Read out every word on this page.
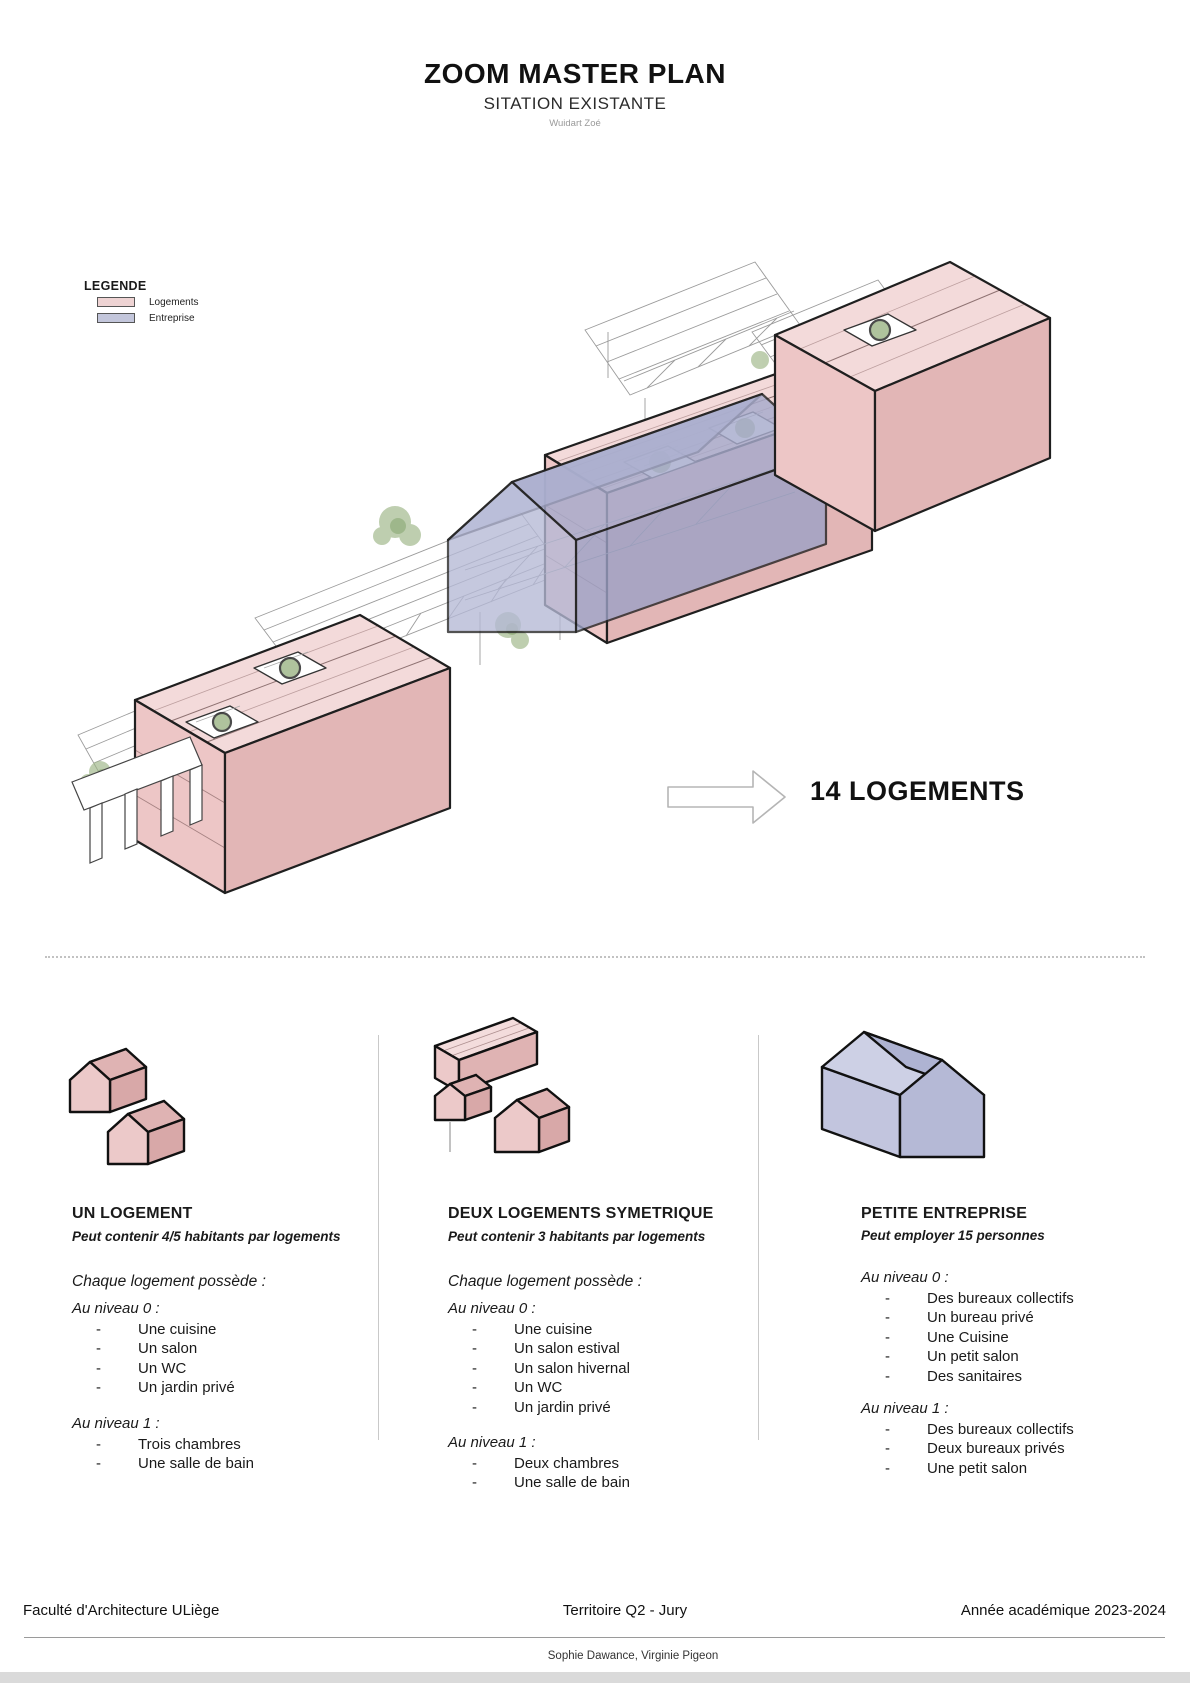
ZOOM MASTER PLAN
SITATION EXISTANTE
Wuidart Zoé
LEGENDE
Logements
Entreprise
14 LOGEMENTS
UN LOGEMENT
Peut contenir 4/5 habitants par logements
Chaque logement possède :
Au niveau 0 :
-	Une cuisine
-	Un salon
-	Un WC
-	Un jardin privé
Au niveau 1 :
-	Trois chambres
-	Une salle de bain
DEUX LOGEMENTS SYMETRIQUE
Peut contenir 3 habitants par logements
Chaque logement possède :
Au niveau 0 :
-	Une cuisine
-	Un salon estival
-	Un salon hivernal
-	Un WC
-	Un jardin privé
Au niveau 1 :
-	Deux chambres
-	Une salle de bain
PETITE ENTREPRISE
Peut employer 15 personnes
Au niveau 0 :
-	Des bureaux collectifs
-	Un bureau privé
-	Une Cuisine
-	Un petit salon
-	Des sanitaires
Au niveau 1 :
-	Des bureaux collectifs
-	Deux bureaux privés
-	Une petit salon
Faculté d'Architecture ULiège	Territoire Q2 - Jury	Année académique 2023-2024
Sophie Dawance, Virginie Pigeon
